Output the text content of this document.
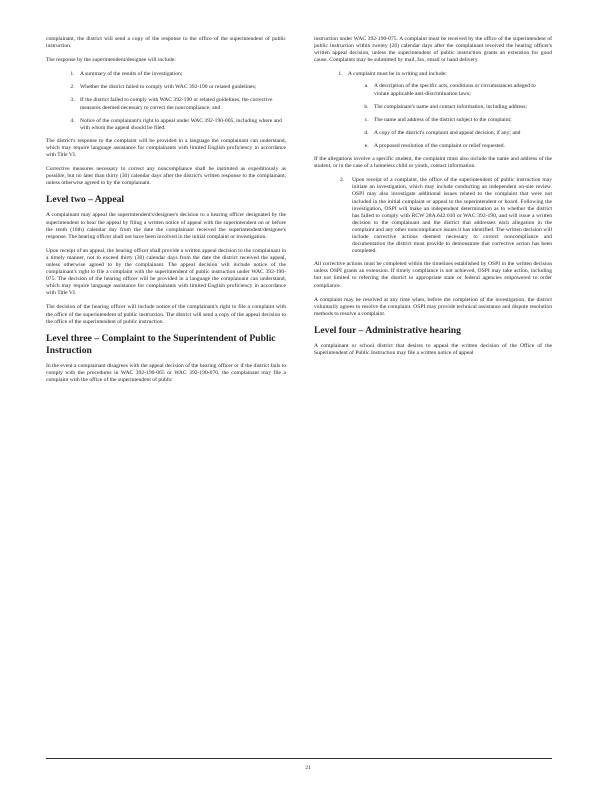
complainant, the district will send a copy of the response to the office of the superintendent of public instruction.

The response by the superintendent/designee will include:

1. A summary of the results of the investigation;
2. Whether the district failed to comply with WAC 392-190 or related guidelines;
3. If the district failed to comply with WAC 392-190 or related guidelines, the corrective measures deemed necessary to correct the noncompliance; and
4. Notice of the complainant's right to appeal under WAC 392-190-005, including where and with whom the appeal should be filed.

The district's response to the complaint will be provided in a language the complainant can understand, which may require language assistance for complainants with limited English proficiency in accordance with Title VI.

Corrective measures necessary to correct any noncompliance shall be instituted as expeditiously as possible, but no later than thirty (30) calendar days after the district's written response to the complainant, unless otherwise agreed to by the complainant.

Level two – Appeal

A complainant may appeal the superintendent's/designee's decision to a hearing officer designated by the superintendent to hear the appeal by filing a written notice of appeal with the superintendent on or before the tenth (10th) calendar day from the date the complainant received the superintendent/designee's response. The hearing officer shall not have been involved in the initial complaint or investigation.

Upon receipt of an appeal, the hearing officer shall provide a written appeal decision to the complainant in a timely manner, not to exceed thirty (30) calendar days from the date the district received the appeal, unless otherwise agreed to by the complainant. The appeal decision will include notice of the complainant's right to file a complaint with the superintendent of public instruction under WAC 392-190-075. The decision of the hearing officer will be provided in a language the complainant can understand, which may require language assistance for complainants with limited English proficiency in accordance with Title VI.

The decision of the hearing officer will include notice of the complainant's right to file a complaint with the office of the superintendent of public instruction. The district will send a copy of the appeal decision to the office of the superintendent of public instruction.

Level three – Complaint to the Superintendent of Public Instruction

In the event a complainant disagrees with the appeal decision of the hearing officer or if the district fails to comply with the procedures in WAC 392-190-065 or WAC 392-190-070, the complainant may file a complaint with the office of the superintendent of public

instruction under WAC 392-190-075. A complaint must be received by the office of the superintendent of public instruction within twenty (20) calendar days after the complainant received the hearing officer's written appeal decision, unless the superintendent of public instruction grants an extension for good cause. Complaints may be submitted by mail, fax, email or hand delivery.

1. A complaint must be in writing and include:
a. A description of the specific acts, conditions or circumstances alleged to violate applicable anti-discrimination laws;
b. The complainant's name and contact information, including address;
c. The name and address of the district subject to the complaint;
d. A copy of the district's complaint and appeal decision, if any; and
e. A proposed resolution of the complaint or relief requested.

If the allegations involve a specific student, the complaint must also include the name and address of the student, or in the case of a homeless child or youth, contact information.

2. Upon receipt of a complaint, the office of the superintendent of public instruction may initiate an investigation, which may include conducting an independent on-site review. OSPI may also investigate additional issues related to the complaint that were not included in the initial complaint or appeal to the superintendent or board. Following the investigation, OSPI will make an independent determination as to whether the district has failed to comply with RCW 28A.642.010 or WAC 392-190, and will issue a written decision to the complainant and the district that addresses each allegation in the complaint and any other noncompliance issues it has identified. The written decision will include corrective actions deemed necessary to correct noncompliance and documentation the district must provide to demonstrate that corrective action has been completed.

All corrective actions must be completed within the timelines established by OSPI in the written decision unless OSPI grants an extension. If timely compliance is not achieved, OSPI may take action, including but not limited to referring the district to appropriate state or federal agencies empowered to order compliance.

A complaint may be resolved at any time when, before the completion of the investigation, the district voluntarily agrees to resolve the complaint. OSPI may provide technical assistance and dispute resolution methods to resolve a complaint.

Level four – Administrative hearing

A complainant or school district that desires to appeal the written decision of the Office of the Superintendent of Public Instruction may file a written notice of appeal

21
